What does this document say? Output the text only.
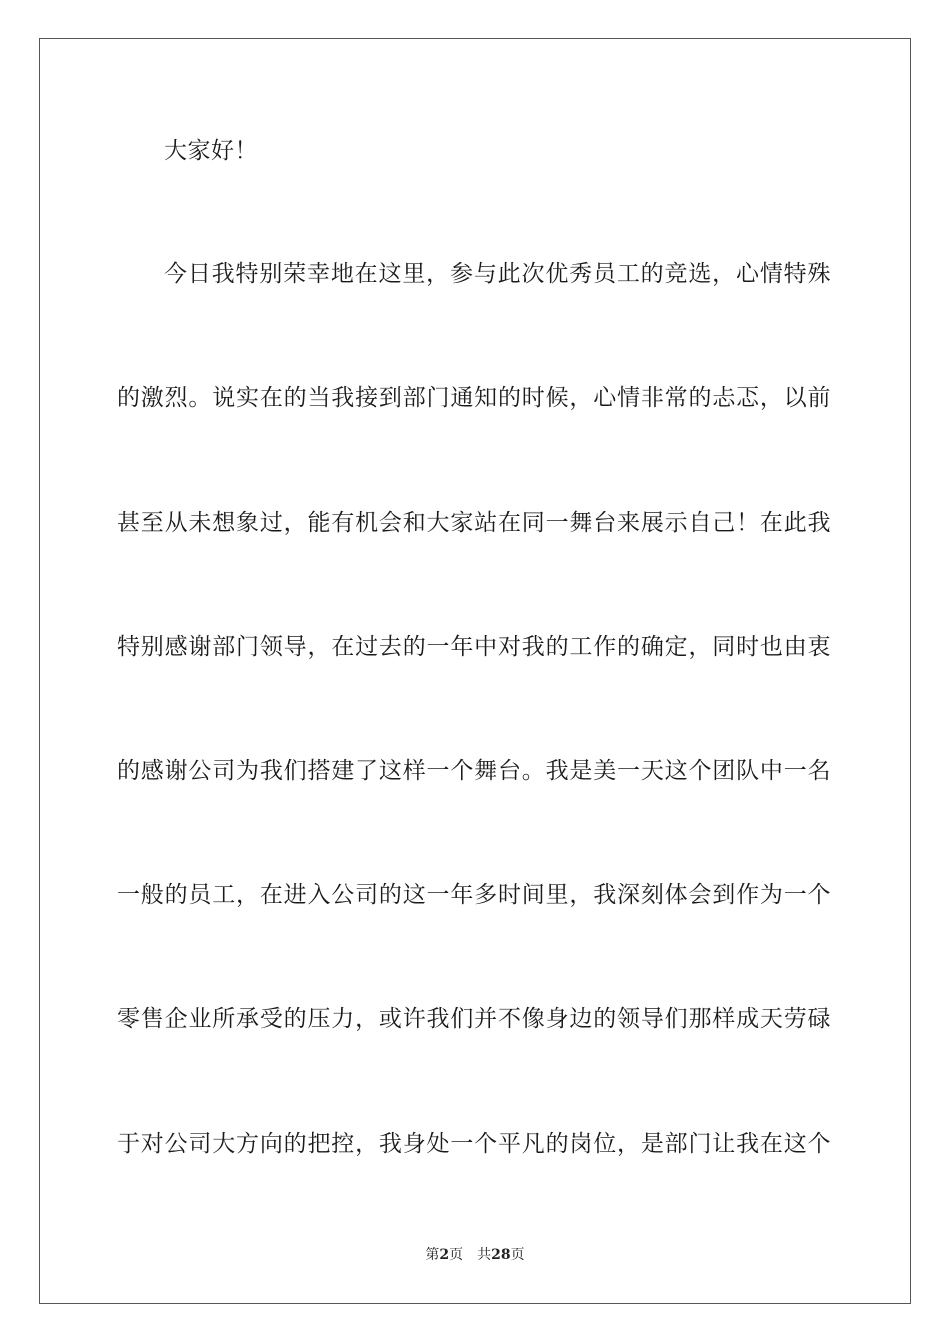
大家好！
今日我特别荣幸地在这里，参与此次优秀员工的竞选，心情特殊
的激烈。说实在的当我接到部门通知的时候，心情非常的忐忑，以前
甚至从未想象过，能有机会和大家站在同一舞台来展示自己！在此我
特别感谢部门领导，在过去的一年中对我的工作的确定，同时也由衷
的感谢公司为我们搭建了这样一个舞台。我是美一天这个团队中一名
一般的员工，在进入公司的这一年多时间里，我深刻体会到作为一个
零售企业所承受的压力，或许我们并不像身边的领导们那样成天劳碌
于对公司大方向的把控，我身处一个平凡的岗位，是部门让我在这个
第2页 共28页
